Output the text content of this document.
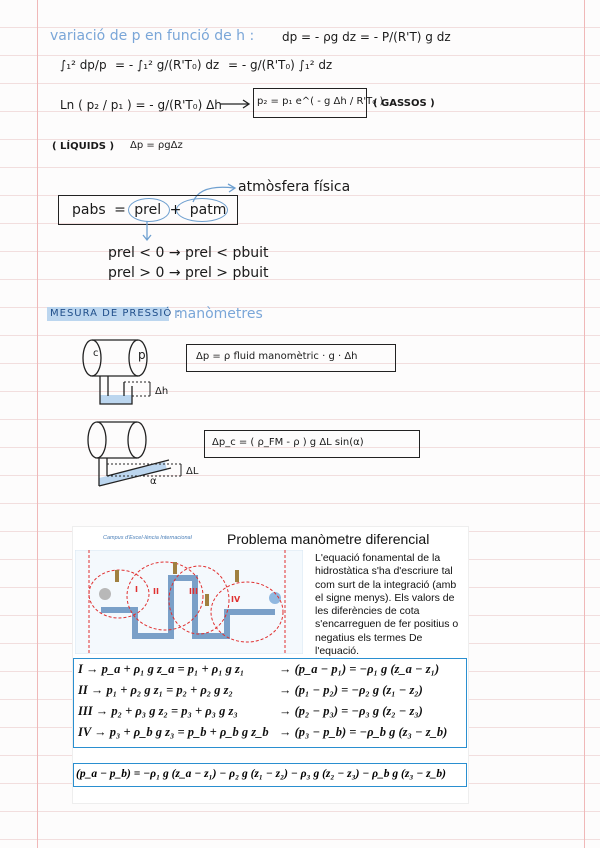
variació de p en funció de h : dp = - ρg dz = - P/(R'T) g dz
∫₁² dp/p = - ∫₁² g/(R'T₀) dz = - g/(R'T₀) ∫₁² dz
Ln ( p₂ / p₁ ) = - g/(R'T₀) Δh	p₂ = p₁ e^( - g Δh / R'T₀ )
( GASSOS )
( LÍQUIDS ) Δp = ρgΔz
atmòsfera física
pabs = prel + patm
prel < 0 → prel < pbuit
prel > 0 → prel > pbuit
MESURA DE PRESSIÓ :
manòmetres
c	p
Δh
Δp = ρ fluid manomètric · g · Δh
ΔL
α
Δp_c = ( ρ_FM - ρ ) g ΔL sin(α)
Campus d'Excel·lència Internacional	Problema manòmetre diferencial
I II	III
IV
L'equació fonamental de la hidrostàtica s'ha d'escriure tal com surt de la integració (amb el signe menys). Els valors de les diferències de cota s'encarreguen de fer positius o negatius els termes De l'equació.
I → p_a + ρ₁ g z_a = p₁ + ρ₁ g z₁	→ (p_a − p₁) = −ρ₁ g (z_a − z₁)
II → p₁ + ρ₂ g z₁ = p₂ + ρ₂ g z₂	→ (p₁ − p₂) = −ρ₂ g (z₁ − z₂)
III → p₂ + ρ₃ g z₂ = p₃ + ρ₃ g z₃	→ (p₂ − p₃) = −ρ₃ g (z₂ − z₃)
IV → p₃ + ρ_b g z₃ = p_b + ρ_b g z_b → (p₃ − p_b) = −ρ_b g (z₃ − z_b)
(p_a − p_b) = −ρ₁ g (z_a − z₁) − ρ₂ g (z₁ − z₂) − ρ₃ g (z₂ − z₃) − ρ_b g (z₃ − z_b)
